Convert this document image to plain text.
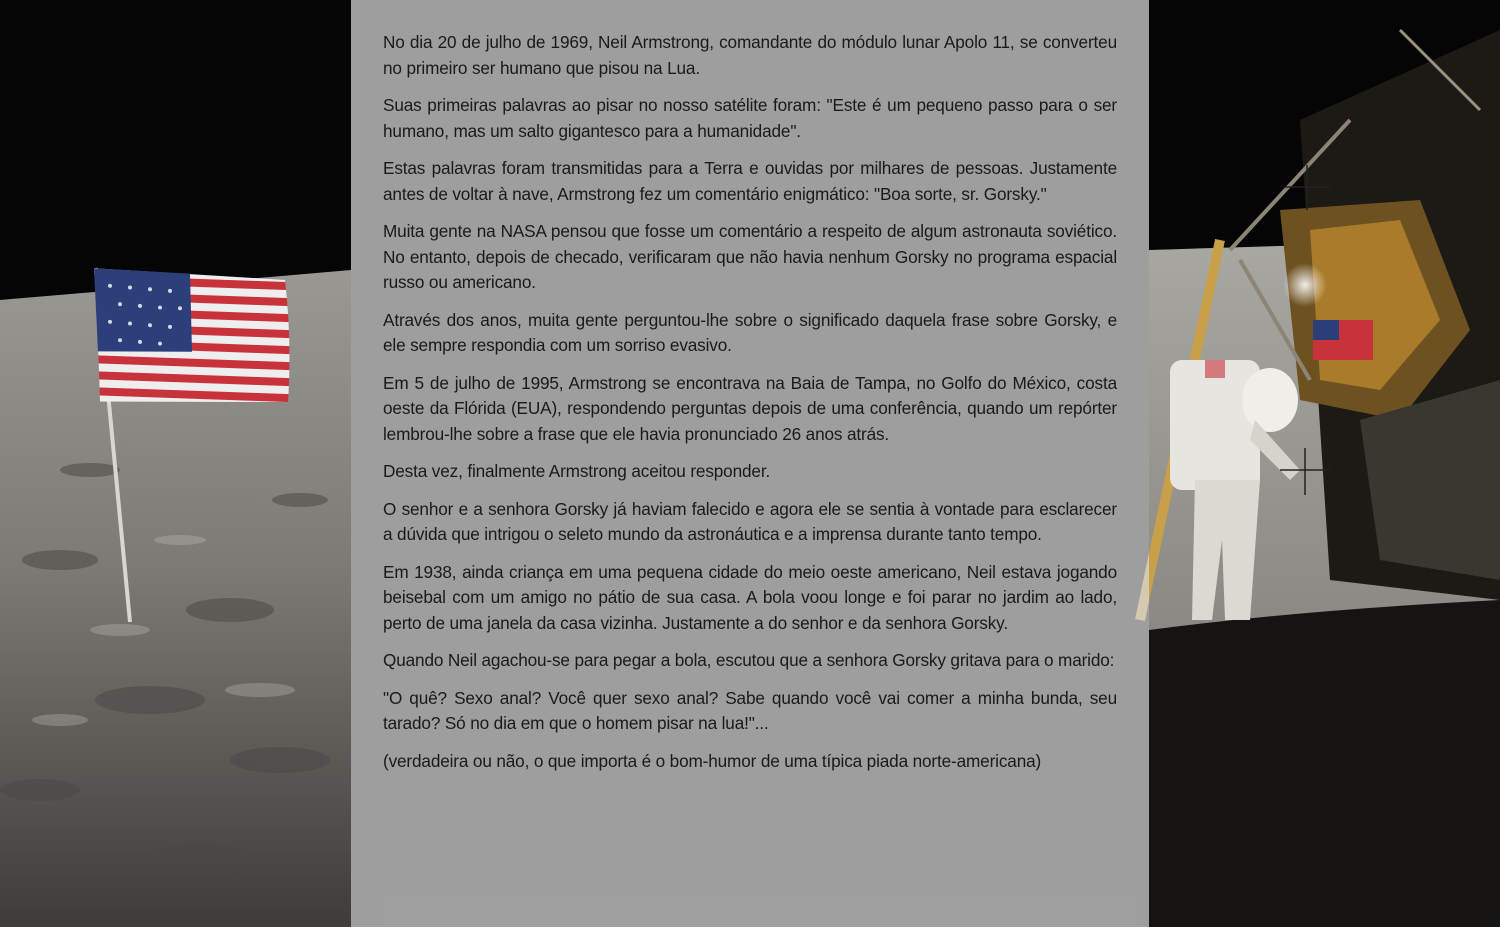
No dia 20 de julho de 1969, Neil Armstrong, comandante do módulo lunar Apolo 11, se converteu no primeiro ser humano que pisou na Lua.

Suas primeiras palavras ao pisar no nosso satélite foram: "Este é um pequeno passo para o ser humano, mas um salto gigantesco para a humanidade".

Estas palavras foram transmitidas para a Terra e ouvidas por milhares de pessoas. Justamente antes de voltar à nave, Armstrong fez um comentário enigmático: "Boa sorte, sr. Gorsky."

Muita gente na NASA pensou que fosse um comentário a respeito de algum astronauta soviético. No entanto, depois de checado, verificaram que não havia nenhum Gorsky no programa espacial russo ou americano.

Através dos anos, muita gente perguntou-lhe sobre o significado daquela frase sobre Gorsky, e ele sempre respondia com um sorriso evasivo.

Em 5 de julho de 1995, Armstrong se encontrava na Baia de Tampa, no Golfo do México, costa oeste da Flórida (EUA), respondendo perguntas depois de uma conferência, quando um repórter lembrou-lhe sobre a frase que ele havia pronunciado 26 anos atrás.

Desta vez, finalmente Armstrong aceitou responder.

O senhor e a senhora Gorsky já haviam falecido e agora ele se sentia à vontade para esclarecer a dúvida que intrigou o seleto mundo da astronáutica e a imprensa durante tanto tempo.

Em 1938, ainda criança em uma pequena cidade do meio oeste americano, Neil estava jogando beisebal com um amigo no pátio de sua casa. A bola voou longe e foi parar no jardim ao lado, perto de uma janela da casa vizinha. Justamente a do senhor e da senhora Gorsky.

Quando Neil agachou-se para pegar a bola, escutou que a senhora Gorsky gritava para o marido:

"O quê? Sexo anal? Você quer sexo anal? Sabe quando você vai comer a minha bunda, seu tarado? Só no dia em que o homem pisar na lua!"...

(verdadeira ou não, o que importa é o bom-humor de uma típica piada norte-americana)
